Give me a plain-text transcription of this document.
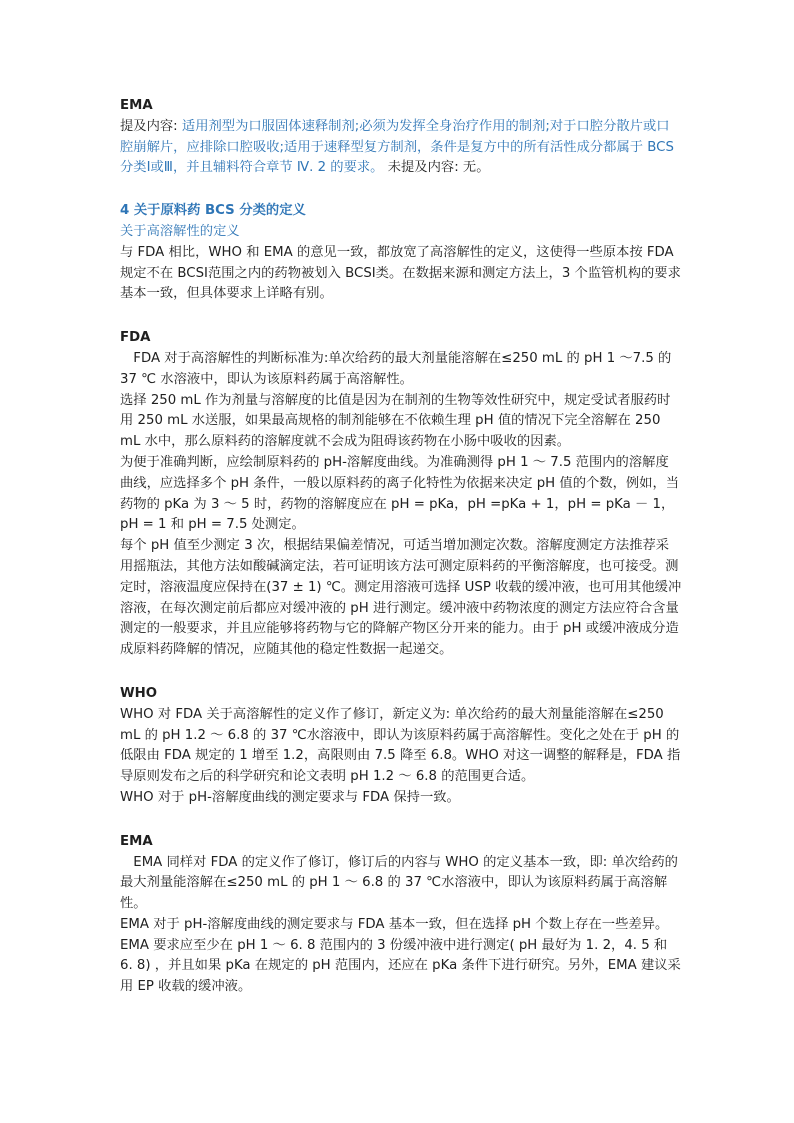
EMA

提及内容: 适用剂型为口服固体速释制剂;必须为发挥全身治疗作用的制剂;对于口腔分散片或口腔崩解片，应排除口腔吸收;适用于速释型复方制剂，条件是复方中的所有活性成分都属于 BCS 分类Ⅰ或Ⅲ，并且辅料符合章节 Ⅳ. 2 的要求。 未提及内容: 无。

4 关于原料药 BCS 分类的定义

关于高溶解性的定义

与 FDA 相比，WHO 和 EMA 的意见一致，都放宽了高溶解性的定义，这使得一些原本按 FDA 规定不在 BCSⅠ范围之内的药物被划入 BCSⅠ类。在数据来源和测定方法上，3 个监管机构的要求基本一致，但具体要求上详略有别。

FDA

FDA 对于高溶解性的判断标准为:单次给药的最大剂量能溶解在≤250 mL 的 pH 1 ～7.5 的 37 ℃ 水溶液中，即认为该原料药属于高溶解性。

选择 250 mL 作为剂量与溶解度的比值是因为在制剂的生物等效性研究中，规定受试者服药时用 250 mL 水送服，如果最高规格的制剂能够在不依赖生理 pH 值的情况下完全溶解在 250 mL 水中，那么原料药的溶解度就不会成为阻碍该药物在小肠中吸收的因素。

为便于准确判断，应绘制原料药的 pH-溶解度曲线。为准确测得 pH 1 ～ 7.5 范围内的溶解度曲线，应选择多个 pH 条件，一般以原料药的离子化特性为依据来决定 pH 值的个数，例如，当药物的 pKa 为 3 ～ 5 时，药物的溶解度应在 pH = pKa，pH =pKa + 1，pH = pKa － 1，pH = 1 和 pH = 7.5 处测定。

每个 pH 值至少测定 3 次，根据结果偏差情况，可适当增加测定次数。溶解度测定方法推荐采用摇瓶法，其他方法如酸碱滴定法，若可证明该方法可测定原料药的平衡溶解度，也可接受。测定时，溶液温度应保持在(37 ± 1) ℃。测定用溶液可选择 USP 收载的缓冲液，也可用其他缓冲溶液，在每次测定前后都应对缓冲液的 pH 进行测定。缓冲液中药物浓度的测定方法应符合含量测定的一般要求，并且应能够将药物与它的降解产物区分开来的能力。由于 pH 或缓冲液成分造成原料药降解的情况，应随其他的稳定性数据一起递交。

WHO

WHO 对 FDA 关于高溶解性的定义作了修订，新定义为: 单次给药的最大剂量能溶解在≤250 mL 的 pH 1.2 ～ 6.8 的 37 ℃水溶液中，即认为该原料药属于高溶解性。变化之处在于 pH 的低限由 FDA 规定的 1 增至 1.2，高限则由 7.5 降至 6.8。WHO 对这一调整的解释是，FDA 指导原则发布之后的科学研究和论文表明 pH 1.2 ～ 6.8 的范围更合适。

WHO 对于 pH-溶解度曲线的测定要求与 FDA 保持一致。

EMA

EMA 同样对 FDA 的定义作了修订，修订后的内容与 WHO 的定义基本一致，即: 单次给药的最大剂量能溶解在≤250 mL 的 pH 1 ～ 6.8 的 37 ℃水溶液中，即认为该原料药属于高溶解性。

EMA 对于 pH-溶解度曲线的测定要求与 FDA 基本一致，但在选择 pH 个数上存在一些差异。EMA 要求应至少在 pH 1 ～ 6. 8 范围内的 3 份缓冲液中进行测定( pH 最好为 1. 2，4. 5 和 6. 8) ，并且如果 pKa 在规定的 pH 范围内，还应在 pKa 条件下进行研究。另外，EMA 建议采用 EP 收载的缓冲液。
